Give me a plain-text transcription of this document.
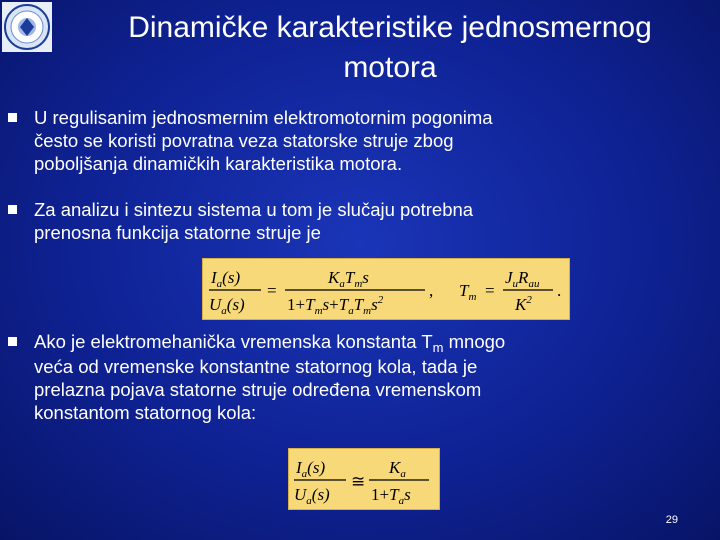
Dinamičke karakteristike jednosmernog
motora
U regulisanim jednosmernim elektromotornim pogonima
često se koristi povratna veza statorske struje zbog
poboljšanja dinamičkih karakteristika motora.
Za analizu i sintezu sistema u tom je slučaju potrebna
prenosna funkcija statorne struje je
$I_a(s)$
$U_a(s)$
=
$K_aT_ms$
$1+T_ms+T_aT_ms^2$	, $T_m$ =
$J_uR_{au}$
$K^2$ .
Ako je elektromehanička vremenska konstanta $T_m$ mnogo
veća od vremenske konstantne statornog kola, tada je
prelazna pojava statorne struje određena vremenskom
konstantom statornog kola:
$I_a(s)$
$U_a(s)$
≅
$K_a$
$1+T_as$
29
